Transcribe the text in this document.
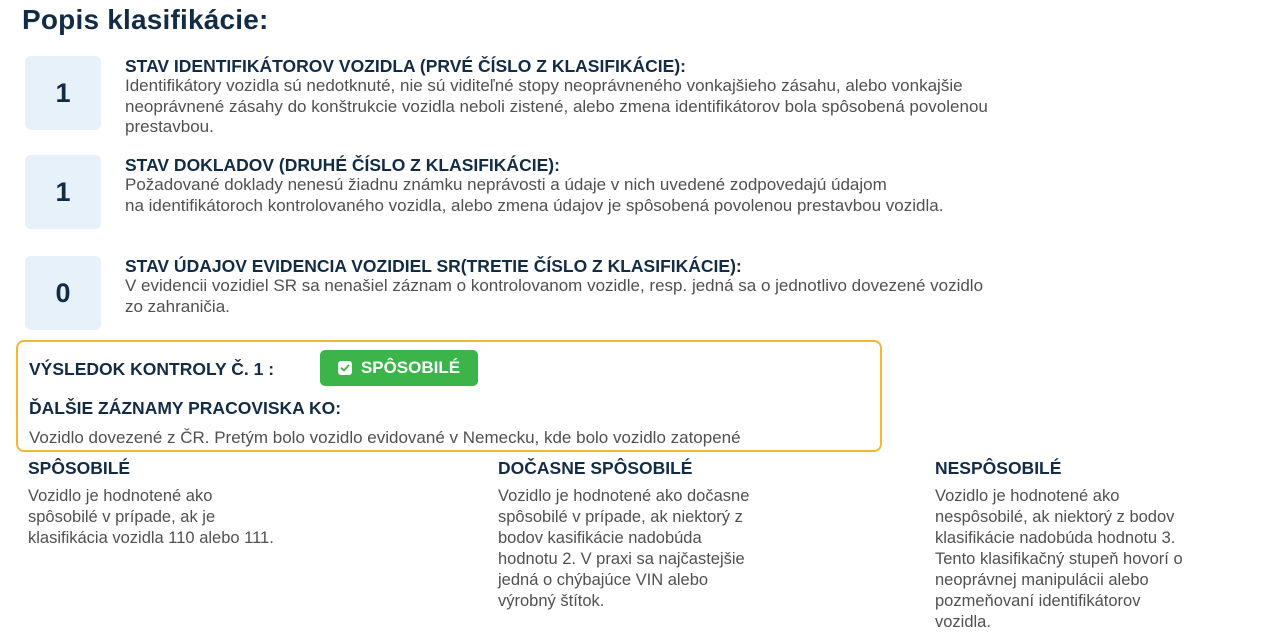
Popis klasifikácie:
1

STAV IDENTIFIKÁTOROV VOZIDLA (PRVÉ ČÍSLO Z KLASIFIKÁCIE):

Identifikátory vozidla sú nedotknuté, nie sú viditeľné stopy neoprávneného vonkajšieho zásahu, alebo vonkajšie
neoprávnené zásahy do konštrukcie vozidla neboli zistené, alebo zmena identifikátorov bola spôsobená povolenou
prestavbou.

1

STAV DOKLADOV (DRUHÉ ČÍSLO Z KLASIFIKÁCIE):

Požadované doklady nenesú žiadnu známku neprávosti a údaje v nich uvedené zodpovedajú údajom
na identifikátoroch kontrolovaného vozidla, alebo zmena údajov je spôsobená povolenou prestavbou vozidla.

0

STAV ÚDAJOV EVIDENCIA VOZIDIEL SR(TRETIE ČÍSLO Z KLASIFIKÁCIE):

V evidencii vozidiel SR sa nenašiel záznam o kontrolovanom vozidle, resp. jedná sa o jednotlivo dovezené vozidlo
zo zahraničia.

VÝSLEDOK KONTROLY Č. 1 :	SPÔSOBILÉ
ĎALŠIE ZÁZNAMY PRACOVISKA KO:
Vozidlo dovezené z ČR. Pretým bolo vozidlo evidované v Nemecku, kde bolo vozidlo zatopené

SPÔSOBILÉ

Vozidlo je hodnotené ako
spôsobilé v prípade, ak je
klasifikácia vozidla 110 alebo 111.

DOČASNE SPÔSOBILÉ

Vozidlo je hodnotené ako dočasne
spôsobilé v prípade, ak niektorý z
bodov kasifikácie nadobúda
hodnotu 2. V praxi sa najčastejšie
jedná o chýbajúce VIN alebo
výrobný štítok.

NESPÔSOBILÉ

Vozidlo je hodnotené ako
nespôsobilé, ak niektorý z bodov
klasifikácie nadobúda hodnotu 3.
Tento klasifikačný stupeň hovorí o
neoprávnej manipulácii alebo
pozmeňovaní identifikátorov
vozidla.
